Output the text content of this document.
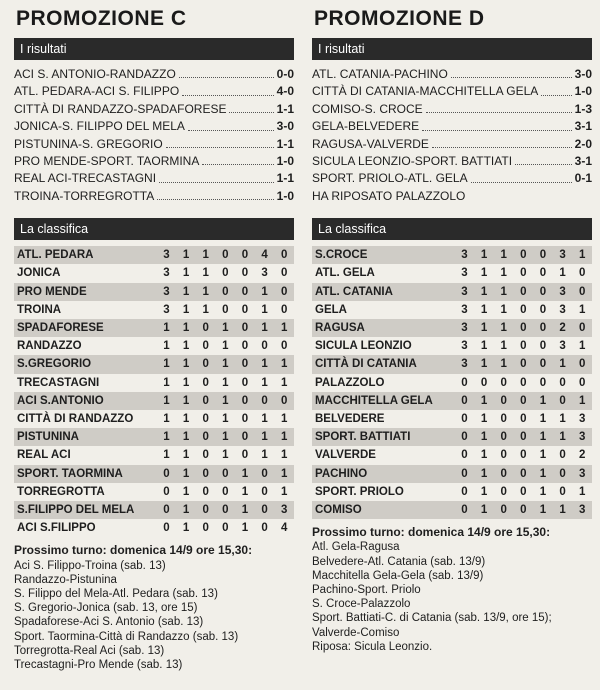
PROMOZIONE C
I risultati
ACI S. ANTONIO-RANDAZZO	0-0
ATL. PEDARA-ACI S. FILIPPO	4-0
CITTÀ DI RANDAZZO-SPADAFORESE	1-1
JONICA-S. FILIPPO DEL MELA	3-0
PISTUNINA-S. GREGORIO	1-1
PRO MENDE-SPORT. TAORMINA	1-0
REAL ACI-TRECASTAGNI	1-1
TROINA-TORREGROTTA	1-0
La classifica
ATL. PEDARA	3	1	1	0	0	4	0
JONICA	3	1	1	0	0	3	0
PRO MENDE	3	1	1	0	0	1	0
TROINA	3	1	1	0	0	1	0
SPADAFORESE	1	1	0	1	0	1	1
RANDAZZO	1	1	0	1	0	0	0
S.GREGORIO	1	1	0	1	0	1	1
TRECASTAGNI	1	1	0	1	0	1	1
ACI S.ANTONIO	1	1	0	1	0	0	0
CITTÀ DI RANDAZZO	1	1	0	1	0	1	1
PISTUNINA	1	1	0	1	0	1	1
REAL ACI	1	1	0	1	0	1	1
SPORT. TAORMINA	0	1	0	0	1	0	1
TORREGROTTA	0	1	0	0	1	0	1
S.FILIPPO DEL MELA	0	1	0	0	1	0	3
ACI S.FILIPPO	0	1	0	0	1	0	4
Prossimo turno: domenica 14/9 ore 15,30:
Aci S. Filippo-Troina (sab. 13)
Randazzo-Pistunina
S. Filippo del Mela-Atl. Pedara (sab. 13)
S. Gregorio-Jonica (sab. 13, ore 15)
Spadaforese-Aci S. Antonio (sab. 13)
Sport. Taormina-Città di Randazzo (sab. 13)
Torregrotta-Real Aci (sab. 13)
Trecastagni-Pro Mende (sab. 13)
PROMOZIONE D
I risultati
ATL. CATANIA-PACHINO	3-0
CITTÀ DI CATANIA-MACCHITELLA GELA	1-0
COMISO-S. CROCE	1-3
GELA-BELVEDERE	3-1
RAGUSA-VALVERDE	2-0
SICULA LEONZIO-SPORT. BATTIATI	3-1
SPORT. PRIOLO-ATL. GELA	0-1
HA RIPOSATO PALAZZOLO
La classifica
S.CROCE	3	1	1	0	0	3	1
ATL. GELA	3	1	1	0	0	1	0
ATL. CATANIA	3	1	1	0	0	3	0
GELA	3	1	1	0	0	3	1
RAGUSA	3	1	1	0	0	2	0
SICULA LEONZIO	3	1	1	0	0	3	1
CITTÀ DI CATANIA	3	1	1	0	0	1	0
PALAZZOLO	0	0	0	0	0	0	0
MACCHITELLA GELA	0	1	0	0	1	0	1
BELVEDERE	0	1	0	0	1	1	3
SPORT. BATTIATI	0	1	0	0	1	1	3
VALVERDE	0	1	0	0	1	0	2
PACHINO	0	1	0	0	1	0	3
SPORT. PRIOLO	0	1	0	0	1	0	1
COMISO	0	1	0	0	1	1	3
Prossimo turno: domenica 14/9 ore 15,30:
Atl. Gela-Ragusa
Belvedere-Atl. Catania (sab. 13/9)
Macchitella Gela-Gela (sab. 13/9)
Pachino-Sport. Priolo
S. Croce-Palazzolo
Sport. Battiati-C. di Catania (sab. 13/9, ore 15);
Valverde-Comiso
Riposa: Sicula Leonzio.
